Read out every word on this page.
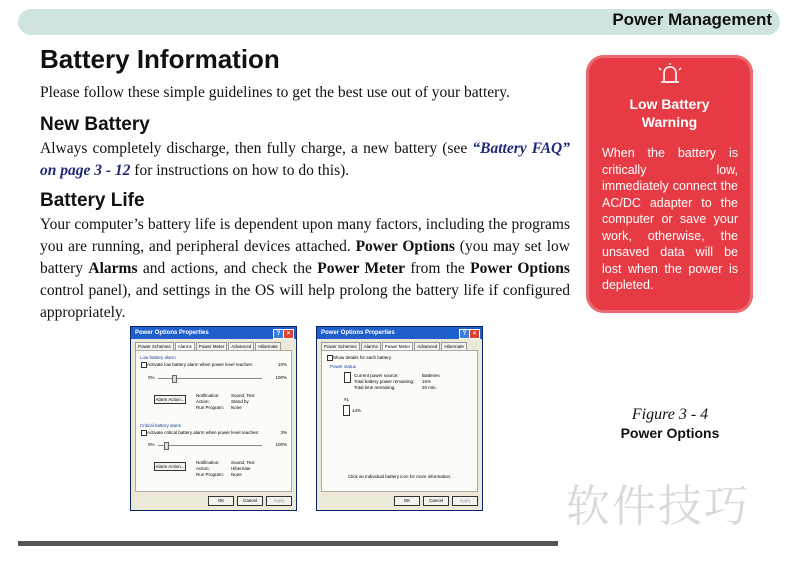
Power Management
Battery Information

Please follow these simple guidelines to get the best use out of your battery.

New Battery

Always completely discharge, then fully charge, a new battery (see “Battery FAQ” on page 3 - 12 for instructions on how to do this).

Battery Life

Your computer’s battery life is dependent upon many factors, including the programs you are running, and peripheral devices attached. Power Options (you may set low battery Alarms and actions, and check the Power Meter from the Power Options control panel), and settings in the OS will help prolong the battery life if configured appropriately.

Low Battery Warning
When the battery is critically low, immediately connect the AC/DC adapter to the computer or save your work, otherwise, the unsaved data will be lost when the power is depleted.
Figure 3 - 4
Power Options
Power Options Properties	?	×
Power Schemes Alarms Power Meter Advanced Hibernate
Low battery alarm
Activate low battery alarm when power level reaches:	10%
0%	100%
Alarm Action...
Notification:	Sound, Text
Action:	Stand by
Run Program: None
Critical battery alarm
Activate critical battery alarm when power level reaches:	3%
0%	100%
Alarm Action...
Notification:	Sound, Text
Action:	Hibernate
Run Program: None
OK	Cancel	Apply
Power Options Properties	?	×
Power Schemes Alarms Power Meter Advanced Hibernate
Show details for each battery.
Power status
Current power source:	Batteries
Total battery power remaining: 15%
Total time remaining:	20 min.
#1
14%
Click an individual battery icon for more information.
OK	Cancel	Apply 软件技巧
